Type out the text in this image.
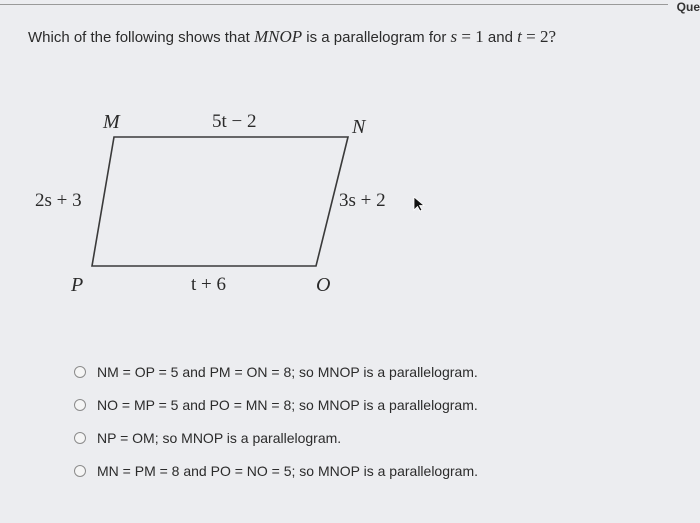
Que
Which of the following shows that MNOP is a parallelogram for s = 1 and t = 2?
M	N
O
P
5t − 2
2s + 3	3s + 2
t + 6
NM = OP = 5 and PM = ON = 8; so MNOP is a parallelogram.
NO = MP = 5 and PO = MN = 8; so MNOP is a parallelogram.
NP = OM; so MNOP is a parallelogram.
MN = PM = 8 and PO = NO = 5; so MNOP is a parallelogram.
